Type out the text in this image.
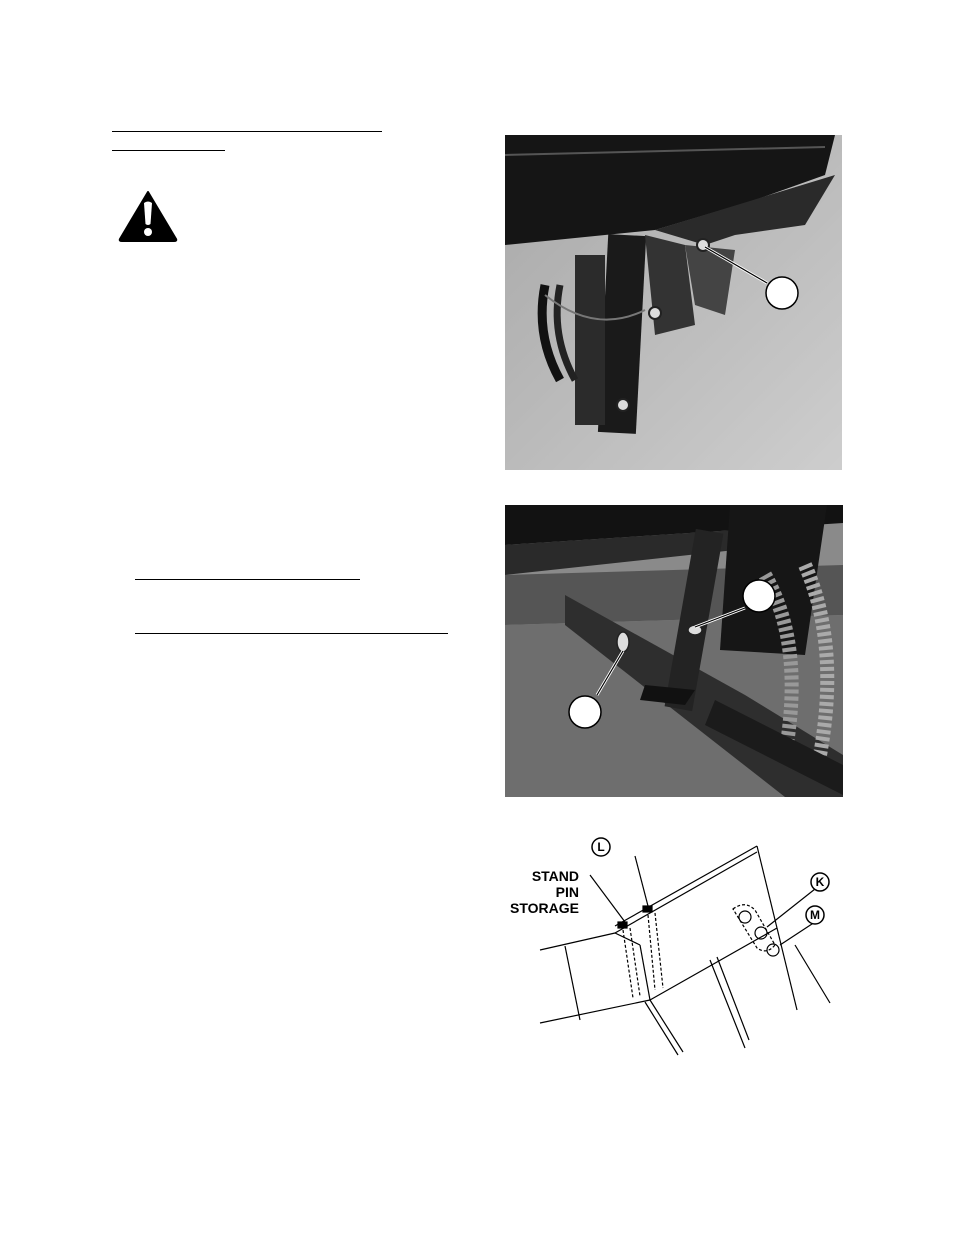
L
K
M
STAND
PIN
STORAGE
